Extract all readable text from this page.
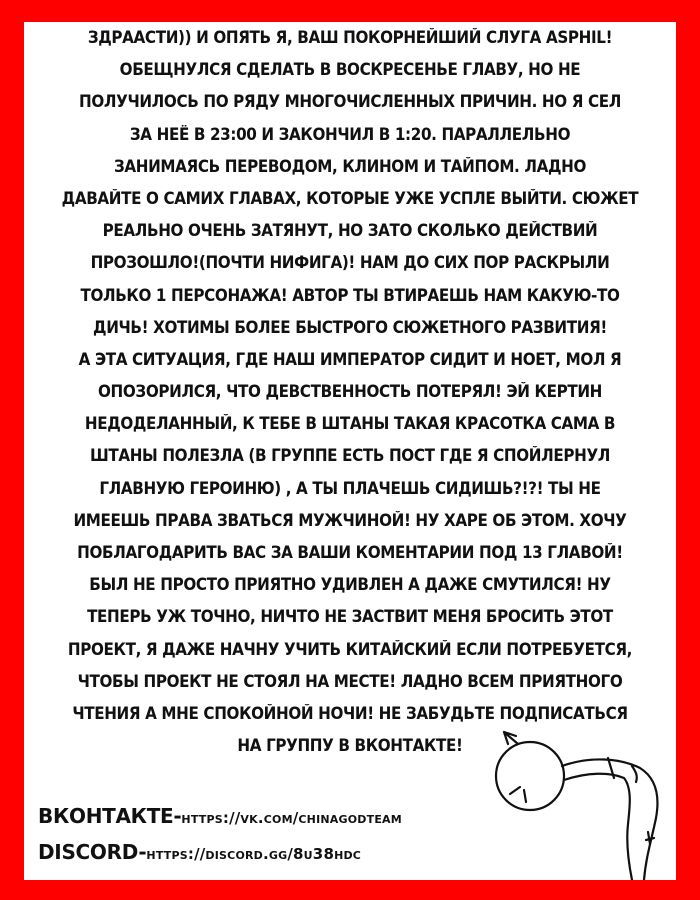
ЗДРААСТИ)) И ОПЯТЬ Я, ВАШ ПОКОРНЕЙШИЙ СЛУГА ASPHIL!
ОБЕЩНУЛСЯ СДЕЛАТЬ В ВОСКРЕСЕНЬЕ ГЛАВУ, НО НЕ
ПОЛУЧИЛОСЬ ПО РЯДУ МНОГОЧИСЛЕННЫХ ПРИЧИН. НО Я СЕЛ
ЗА НЕЁ В 23:00 И ЗАКОНЧИЛ В 1:20. ПАРАЛЛЕЛЬНО
ЗАНИМАЯСЬ ПЕРЕВОДОМ, КЛИНОМ И ТАЙПОМ. ЛАДНО
ДАВАЙТЕ О САМИХ ГЛАВАХ, КОТОРЫЕ УЖЕ УСПЛЕ ВЫЙТИ. СЮЖЕТ
РЕАЛЬНО ОЧЕНЬ ЗАТЯНУТ, НО ЗАТО СКОЛЬКО ДЕЙСТВИЙ
ПРОЗОШЛО!(ПОЧТИ НИФИГА)! НАМ ДО СИХ ПОР РАСКРЫЛИ
ТОЛЬКО 1 ПЕРСОНАЖА! АВТОР ТЫ ВТИРАЕШЬ НАМ КАКУЮ-ТО
ДИЧЬ! ХОТИМЫ БОЛЕЕ БЫСТРОГО СЮЖЕТНОГО РАЗВИТИЯ!
А ЭТА СИТУАЦИЯ, ГДЕ НАШ ИМПЕРАТОР СИДИТ И НОЕТ, МОЛ Я
ОПОЗОРИЛСЯ, ЧТО ДЕВСТВЕННОСТЬ ПОТЕРЯЛ! ЭЙ КЕРТИН
НЕДОДЕЛАННЫЙ, К ТЕБЕ В ШТАНЫ ТАКАЯ КРАСОТКА САМА В
ШТАНЫ ПОЛЕЗЛА (В ГРУППЕ ЕСТЬ ПОСТ ГДЕ Я СПОЙЛЕРНУЛ
ГЛАВНУЮ ГЕРОИНЮ) , А ТЫ ПЛАЧЕШЬ СИДИШЬ?!?! ТЫ НЕ
ИМЕЕШЬ ПРАВА ЗВАТЬСЯ МУЖЧИНОЙ! НУ ХАРЕ ОБ ЭТОМ. ХОЧУ
ПОБЛАГОДАРИТЬ ВАС ЗА ВАШИ КОМЕНТАРИИ ПОД 13 ГЛАВОЙ!
БЫЛ НЕ ПРОСТО ПРИЯТНО УДИВЛЕН А ДАЖЕ СМУТИЛСЯ! НУ
ТЕПЕРЬ УЖ ТОЧНО, НИЧТО НЕ ЗАСТВИТ МЕНЯ БРОСИТЬ ЭТОТ
ПРОЕКТ, Я ДАЖЕ НАЧНУ УЧИТЬ КИТАЙСКИЙ ЕСЛИ ПОТРЕБУЕТСЯ,
ЧТОБЫ ПРОЕКТ НЕ СТОЯЛ НА МЕСТЕ! ЛАДНО ВСЕМ ПРИЯТНОГО
ЧТЕНИЯ А МНЕ СПОКОЙНОЙ НОЧИ! НЕ ЗАБУДЬТЕ ПОДПИСАТЬСЯ
НА ГРУППУ В ВКОНТАКТЕ!
ВКОНТАКТЕ-https://vk.com/chinagodteam
DISCORD-https://discord.gg/8u38hdc
